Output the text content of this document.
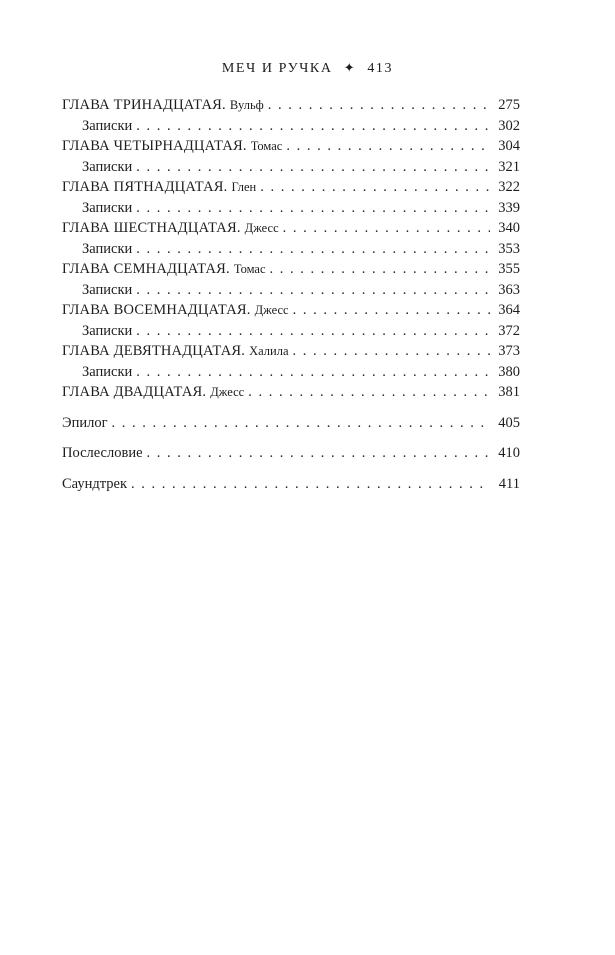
МЕЧ И РУЧКА ✦ 413
ГЛАВА ТРИНАДЦАТАЯ. Вульф . . .	275
Записки . . .	302
ГЛАВА ЧЕТЫРНАДЦАТАЯ. Томас . . .	304
Записки . . .	321
ГЛАВА ПЯТНАДЦАТАЯ. Глен . . .	322
Записки . . .	339
ГЛАВА ШЕСТНАДЦАТАЯ. Джесс . . .	340
Записки . . .	353
ГЛАВА СЕМНАДЦАТАЯ. Томас . . .	355
Записки . . .	363
ГЛАВА ВОСЕМНАДЦАТАЯ. Джесс . . .	364
Записки . . .	372
ГЛАВА ДЕВЯТНАДЦАТАЯ. Халила . . .	373
Записки . . .	380
ГЛАВА ДВАДЦАТАЯ. Джесс . . .	381
Эпилог . . .	405
Послесловие . . .	410
Саундтрек . . .	411
